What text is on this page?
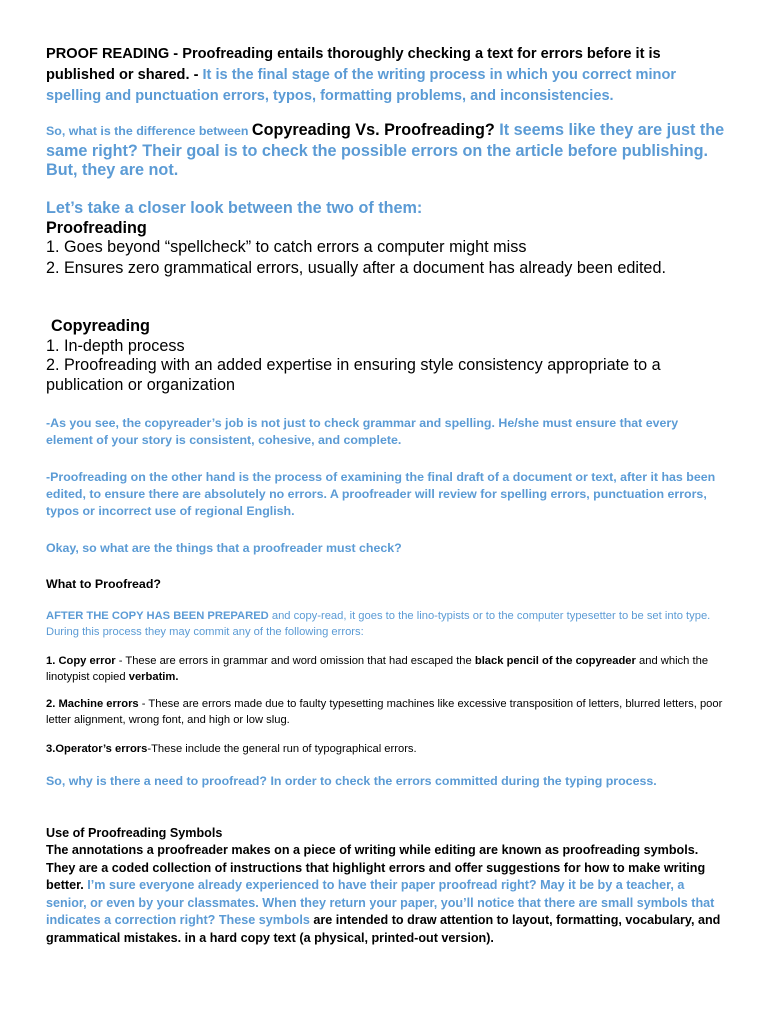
PROOF READING - Proofreading entails thoroughly checking a text for errors before it is published or shared. - It is the final stage of the writing process in which you correct minor spelling and punctuation errors, typos, formatting problems, and inconsistencies.

So, what is the difference between Copyreading Vs. Proofreading? It seems like they are just the same right? Their goal is to check the possible errors on the article before publishing. But, they are not.

Let’s take a closer look between the two of them:

Proofreading

1. Goes beyond “spellcheck” to catch errors a computer might miss

2. Ensures zero grammatical errors, usually after a document has already been edited.

Copyreading

1. In-depth process

2. Proofreading with an added expertise in ensuring style consistency appropriate to a publication or organization

-As you see, the copyreader’s job is not just to check grammar and spelling. He/she must ensure that every element of your story is consistent, cohesive, and complete.

-Proofreading on the other hand is the process of examining the final draft of a document or text, after it has been edited, to ensure there are absolutely no errors. A proofreader will review for spelling errors, punctuation errors, typos or incorrect use of regional English.

Okay, so what are the things that a proofreader must check?

What to Proofread?

AFTER THE COPY HAS BEEN PREPARED and copy-read, it goes to the lino-typists or to the computer typesetter to be set into type. During this process they may commit any of the following errors:

1. Copy error - These are errors in grammar and word omission that had escaped the black pencil of the copyreader and which the linotypist copied verbatim.

2. Machine errors - These are errors made due to faulty typesetting machines like excessive transposition of letters, blurred letters, poor letter alignment, wrong font, and high or low slug.

3.Operator’s errors-These include the general run of typographical errors.

So, why is there a need to proofread? In order to check the errors committed during the typing process.

Use of Proofreading Symbols

The annotations a proofreader makes on a piece of writing while editing are known as proofreading symbols. They are a coded collection of instructions that highlight errors and offer suggestions for how to make writing better. I’m sure everyone already experienced to have their paper proofread right? May it be by a teacher, a senior, or even by your classmates. When they return your paper, you’ll notice that there are small symbols that indicates a correction right? These symbols are intended to draw attention to layout, formatting, vocabulary, and grammatical mistakes. in a hard copy text (a physical, printed-out version).
